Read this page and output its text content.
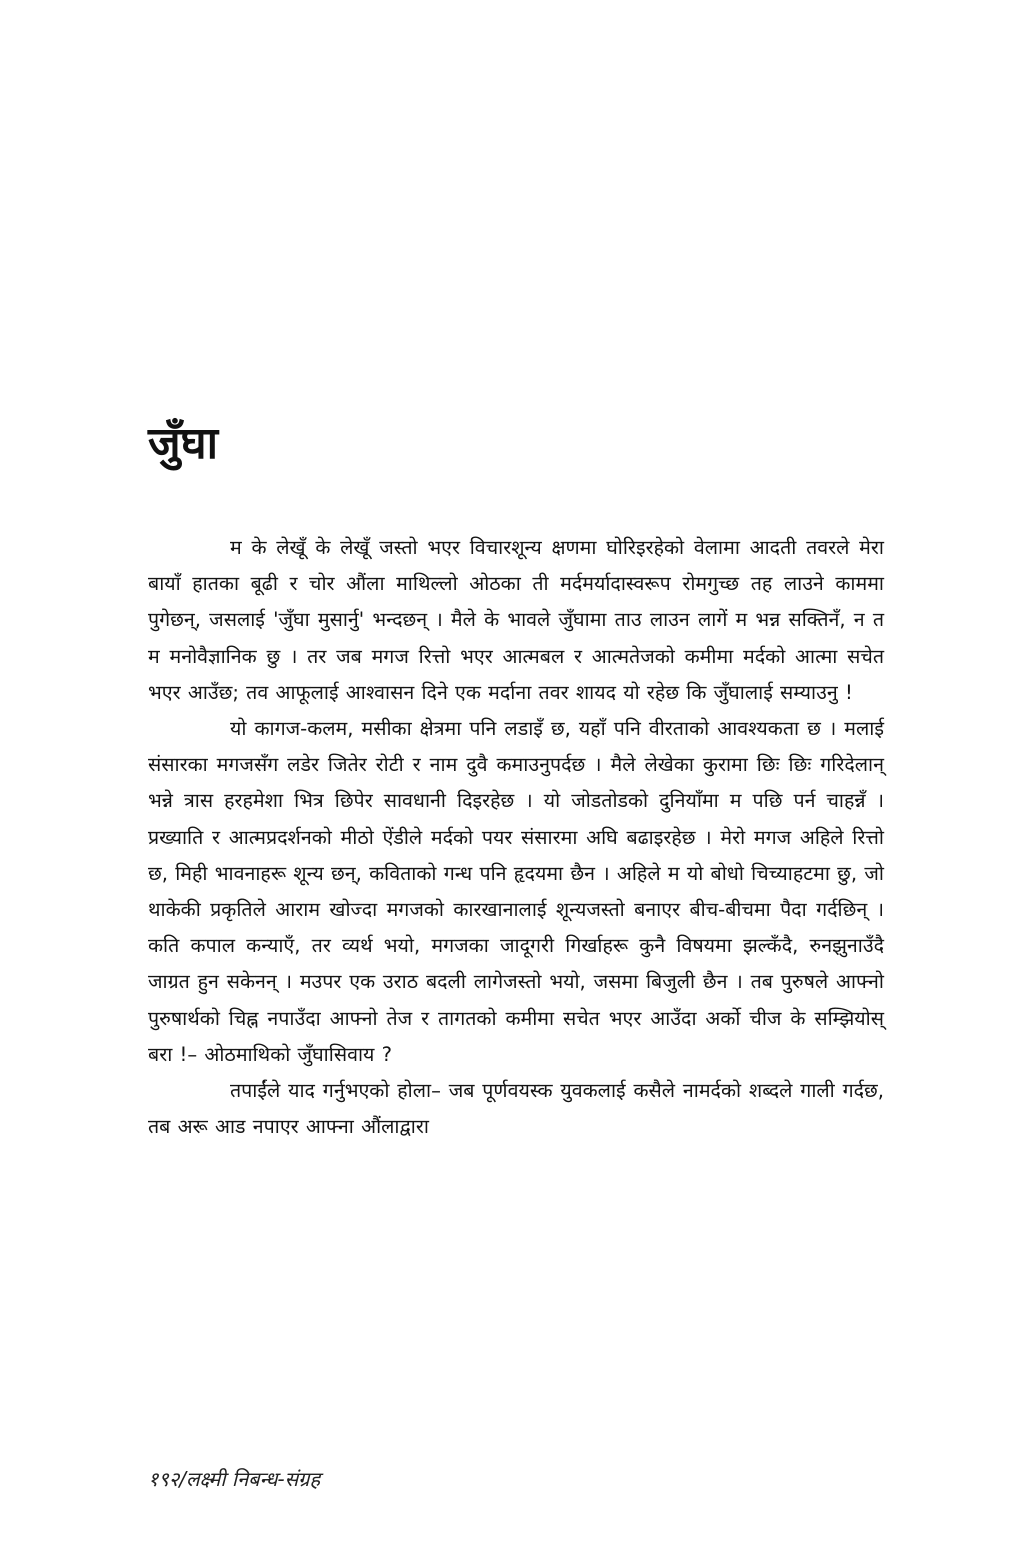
जुँघा

म के लेखूँ के लेखूँ जस्तो भएर विचारशून्य क्षणमा घोरिइरहेको वेलामा आदती तवरले मेरा बायाँ हातका बूढी र चोर औंला माथिल्लो ओठका ती मर्दमर्यादास्वरूप रोमगुच्छ तह लाउने काममा पुगेछन्, जसलाई 'जुँघा मुसार्नु' भन्दछन् । मैले के भावले जुँघामा ताउ लाउन लागें म भन्न सक्तिनँ, न त म मनोवैज्ञानिक छु । तर जब मगज रित्तो भएर आत्मबल र आत्मतेजको कमीमा मर्दको आत्मा सचेत भएर आउँछ; तव आफूलाई आश्वासन दिने एक मर्दाना तवर शायद यो रहेछ कि जुँघालाई सम्याउनु !

यो कागज-कलम, मसीका क्षेत्रमा पनि लडाइँ छ, यहाँ पनि वीरताको आवश्यकता छ । मलाई संसारका मगजसँग लडेर जितेर रोटी र नाम दुवै कमाउनुपर्दछ । मैले लेखेका कुरामा छिः छिः गरिदेलान् भन्ने त्रास हरहमेशा भित्र छिपेर सावधानी दिइरहेछ । यो जोडतोडको दुनियाँमा म पछि पर्न चाहन्नँ । प्रख्याति र आत्मप्रदर्शनको मीठो ऐंडीले मर्दको पयर संसारमा अघि बढाइरहेछ । मेरो मगज अहिले रित्तो छ, मिही भावनाहरू शून्य छन्, कविताको गन्ध पनि हृदयमा छैन । अहिले म यो बोधो चिच्याहटमा छु, जो थाकेकी प्रकृतिले आराम खोज्दा मगजको कारखानालाई शून्यजस्तो बनाएर बीच-बीचमा पैदा गर्दछिन् । कति कपाल कन्याएँ, तर व्यर्थ भयो, मगजका जादूगरी गिर्खाहरू कुनै विषयमा झल्कँदै, रुनझुनाउँदै जाग्रत हुन सकेनन् । मउपर एक उराठ बदली लागेजस्तो भयो, जसमा बिजुली छैन । तब पुरुषले आफ्नो पुरुषार्थको चिह्न नपाउँदा आफ्नो तेज र तागतको कमीमा सचेत भएर आउँदा अर्को चीज के सम्झियोस् बरा !– ओठमाथिको जुँघासिवाय ?

तपाईंले याद गर्नुभएको होला– जब पूर्णवयस्क युवकलाई कसैले नामर्दको शब्दले गाली गर्दछ, तब अरू आड नपाएर आफ्ना औंलाद्वारा

१९२/लक्ष्मी निबन्ध-संग्रह
